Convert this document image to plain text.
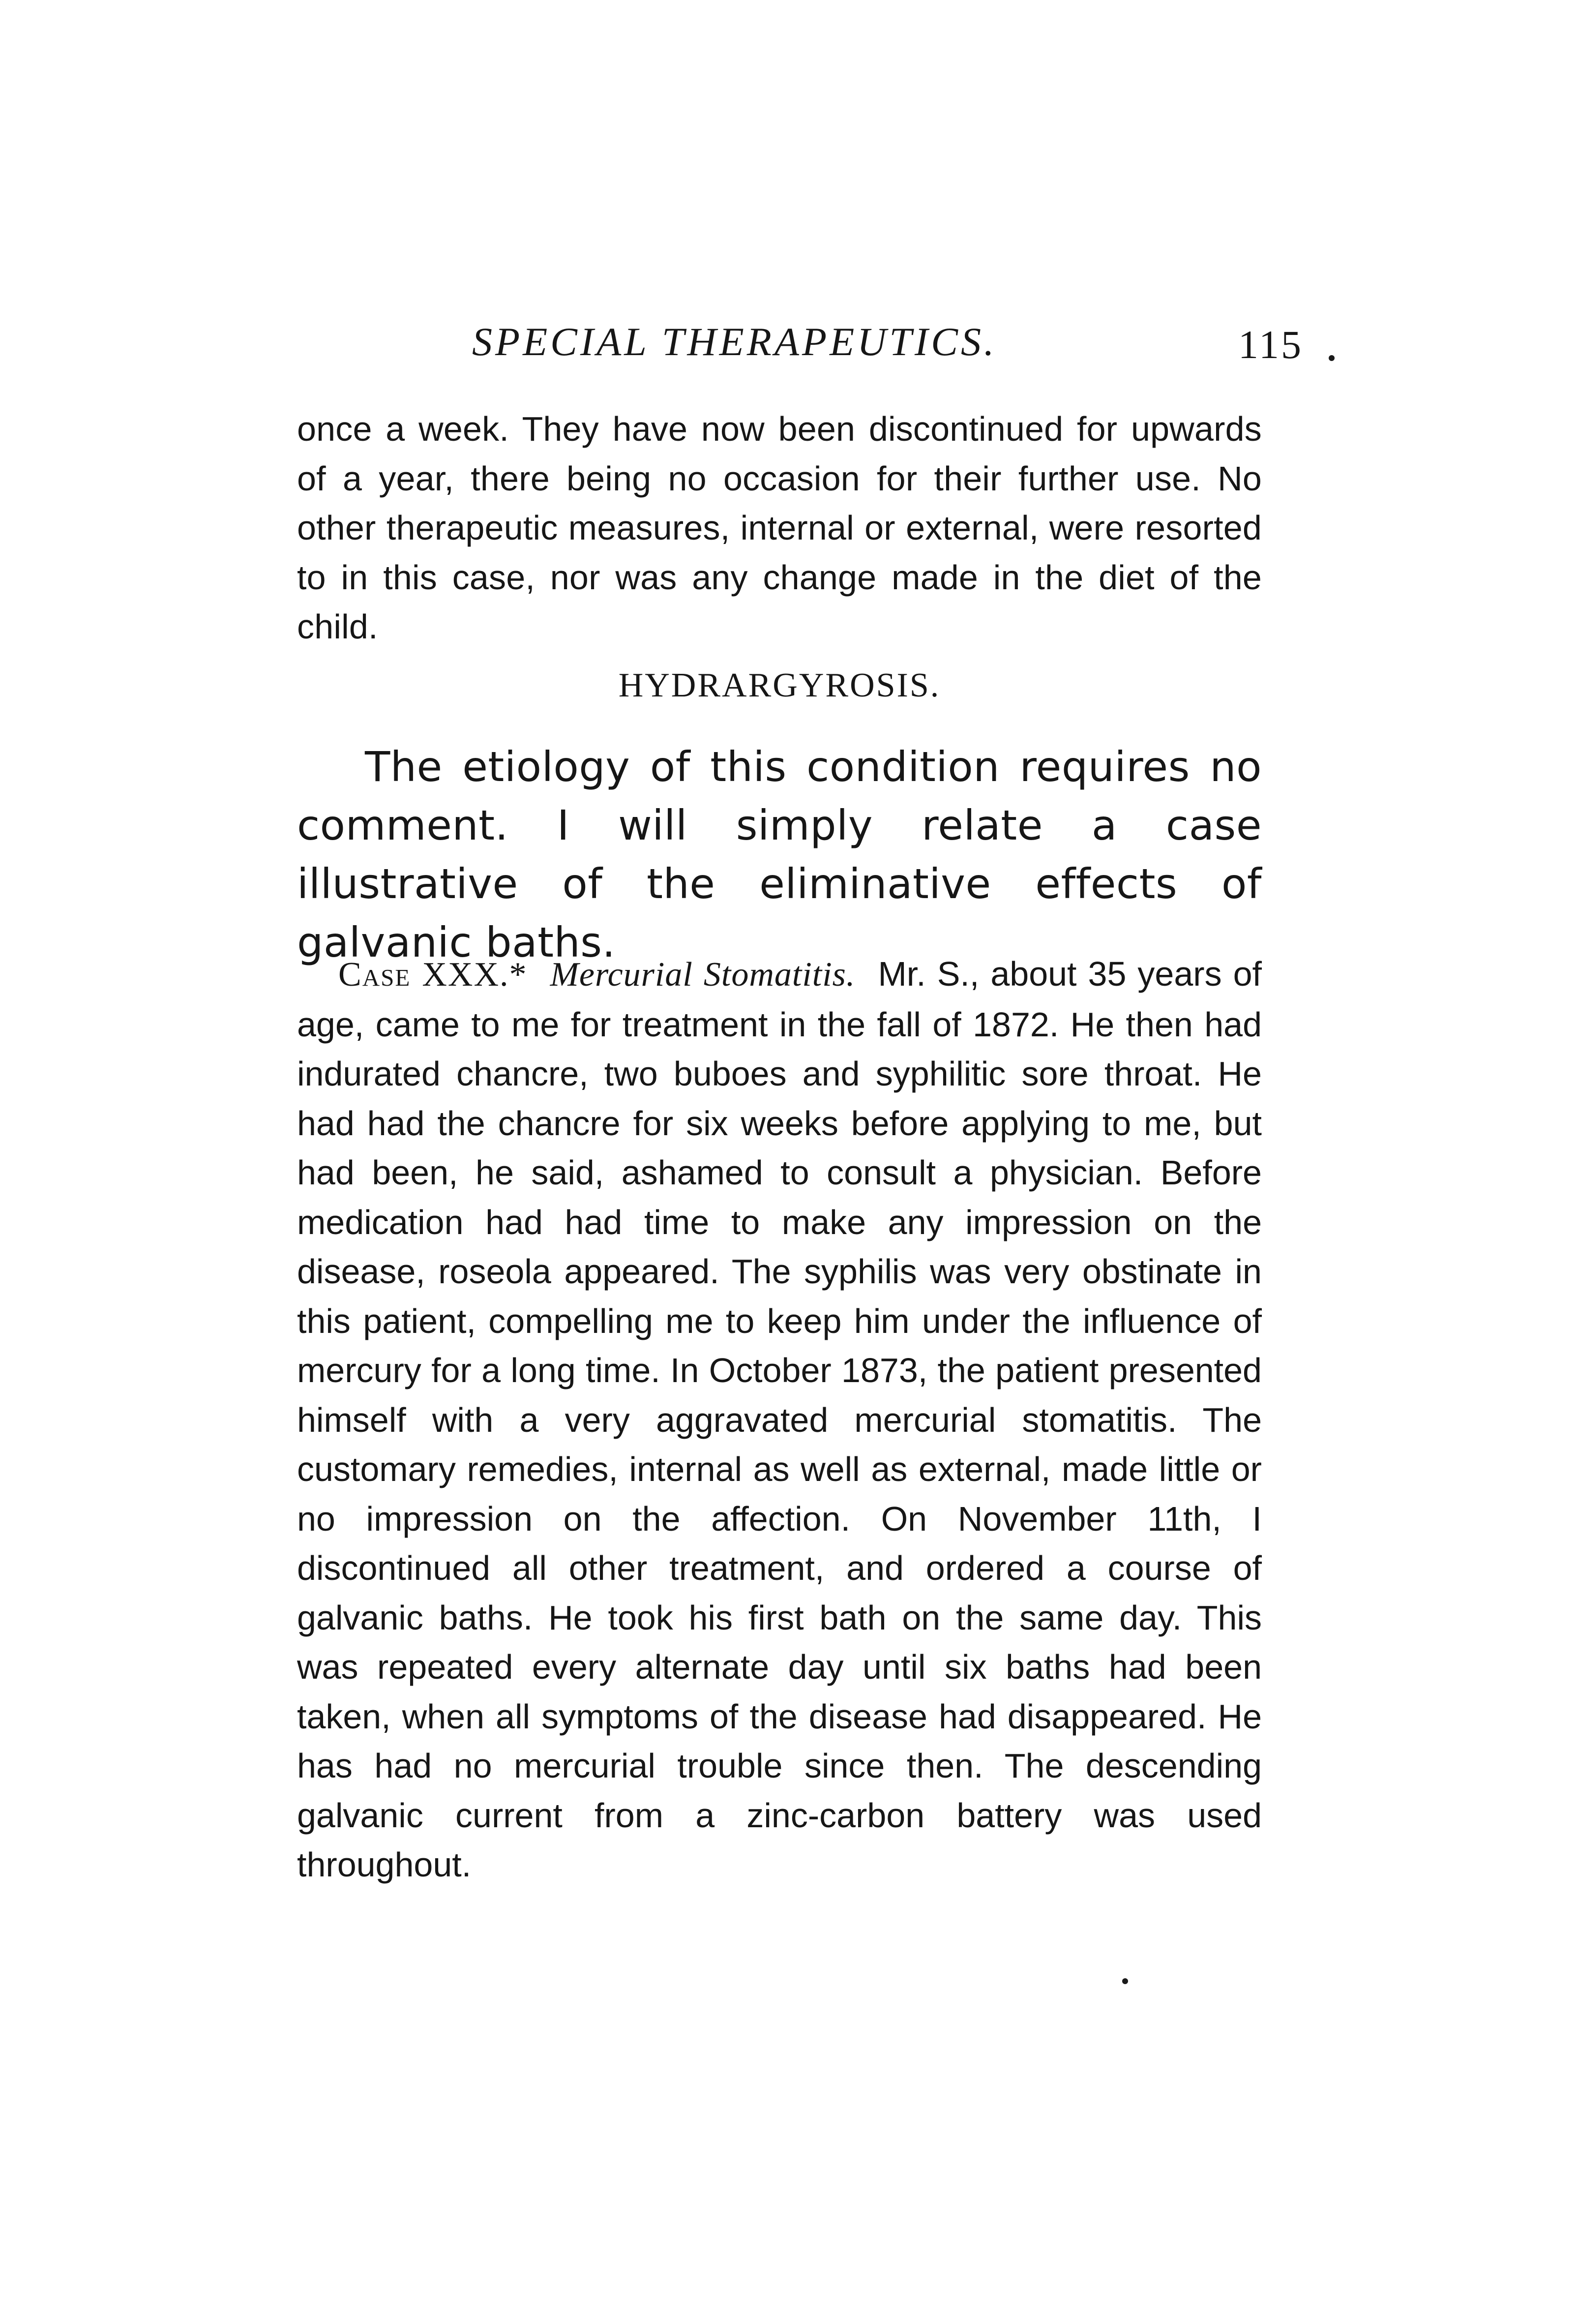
SPECIAL THERAPEUTICS.	115

once a week. They have now been discontinued for upwards of a year, there being no occasion for their further use. No other therapeutic measures, internal or external, were resorted to in this case, nor was any change made in the diet of the child.

HYDRARGYROSIS.

The etiology of this condition requires no comment. I will simply relate a case illustrative of the eliminative effects of galvanic baths.

Case XXX.* Mercurial Stomatitis. Mr. S., about 35 years of age, came to me for treatment in the fall of 1872. He then had indurated chancre, two buboes and syphilitic sore throat. He had had the chancre for six weeks before applying to me, but had been, he said, ashamed to consult a physician. Before medication had had time to make any impression on the disease, roseola appeared. The syphilis was very obstinate in this patient, compelling me to keep him under the influence of mercury for a long time. In October 1873, the patient presented himself with a very aggravated mercurial stomatitis. The customary remedies, internal as well as external, made little or no impression on the affection. On November 11th, I discontinued all other treatment, and ordered a course of galvanic baths. He took his first bath on the same day. This was repeated every alternate day until six baths had been taken, when all symptoms of the disease had disappeared. He has had no mercurial trouble since then. The descending galvanic current from a zinc-carbon battery was used throughout.
